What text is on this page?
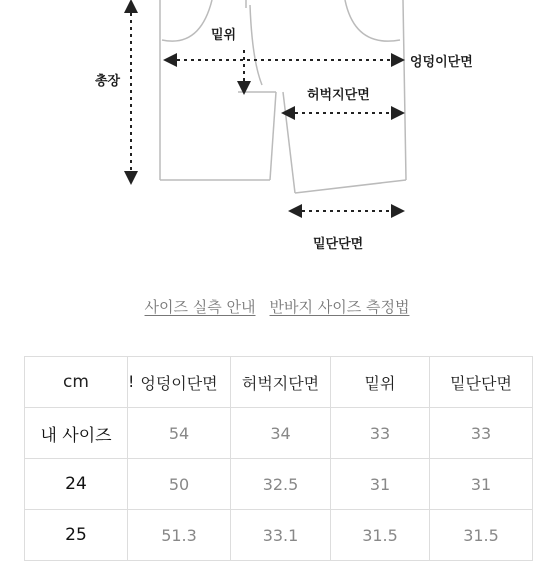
밑위
총장
엉덩이단면
허벅지단면
밑단단면
사이즈 실측 안내 반바지 사이즈 측정법
cm	엉덩이단면	허벅지단면	밑위	밑단단면
내 사이즈	54	34	33	33
24	50	32.5	31	31
25	51.3	33.1	31.5	31.5
!
